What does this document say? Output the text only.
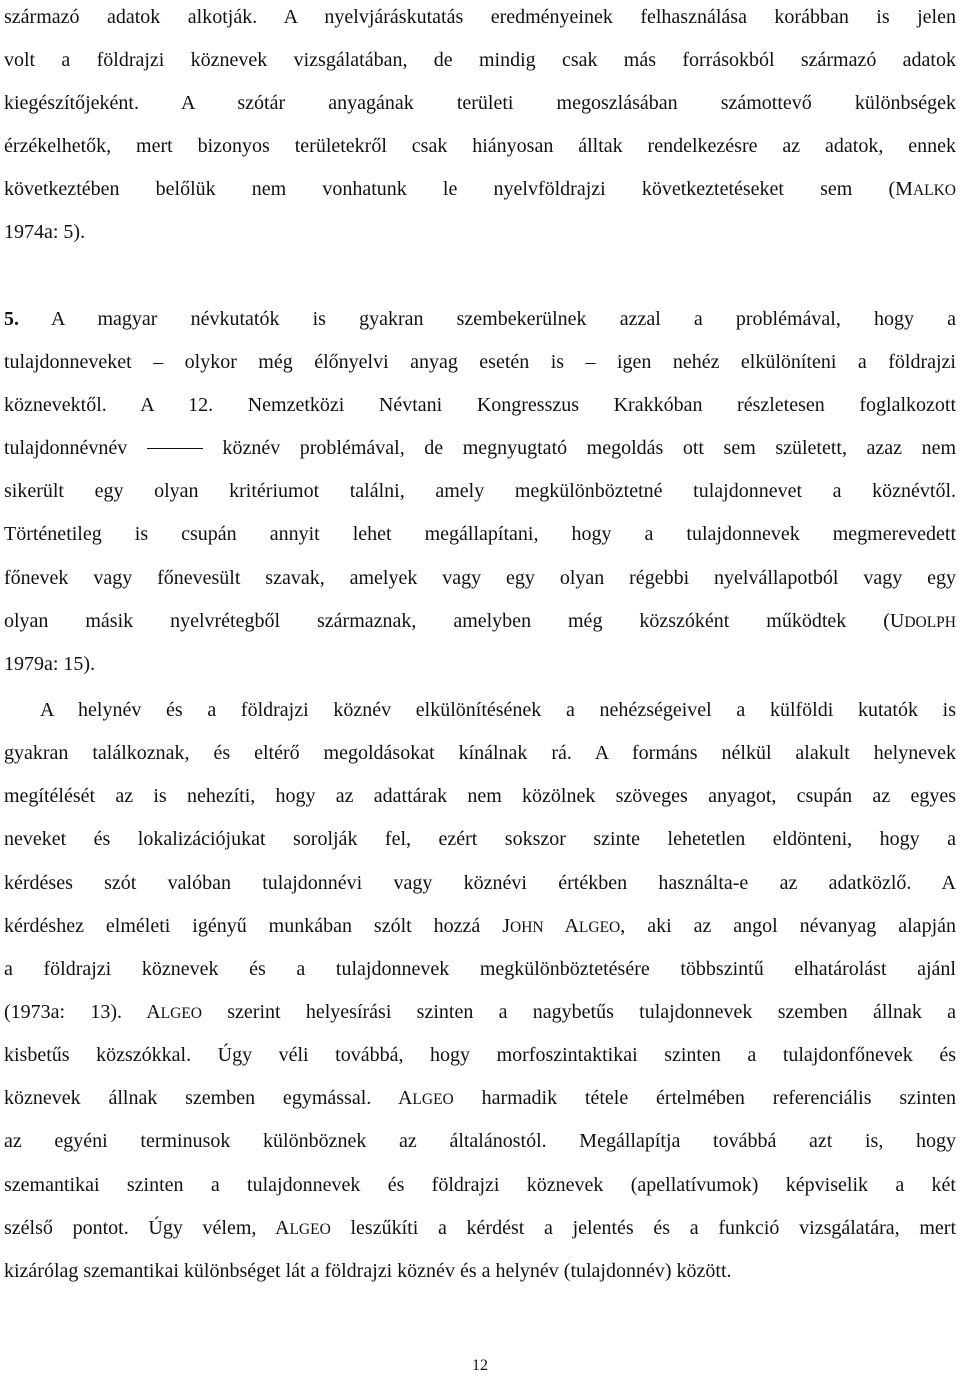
származó adatok alkotják. A nyelvjáráskutatás eredményeinek felhasználása korábban is jelen
volt a földrajzi köznevek vizsgálatában, de mindig csak más forrásokból származó adatok
kiegészítőjeként. A szótár anyagának területi megoszlásában számottevő különbségek
érzékelhetők, mert bizonyos területekről csak hiányosan álltak rendelkezésre az adatok, ennek
következtében belőlük nem vonhatunk le nyelvföldrajzi következtetéseket sem (MALKO
1974a: 5).
5. A magyar névkutatók is gyakran szembekerülnek azzal a problémával, hogy a
tulajdonneveket – olykor még élőnyelvi anyag esetén is – igen nehéz elkülöníteni a földrajzi
köznevektől. A 12. Nemzetközi Névtani Kongresszus Krakkóban részletesen foglalkozott
tulajdonnévnév	köznév problémával, de megnyugtató megoldás ott sem született, azaz nem
sikerült egy olyan kritériumot találni, amely megkülönböztetné tulajdonnevet a köznévtől.
Történetileg is csupán annyit lehet megállapítani, hogy a tulajdonnevek megmerevedett
főnevek vagy főnevesült szavak, amelyek vagy egy olyan régebbi nyelvállapotból vagy egy
olyan másik nyelvrétegből származnak, amelyben még közszóként működtek (UDOLPH
1979a: 15).
A helynév és a földrajzi köznév elkülönítésének a nehézségeivel a külföldi kutatók is
gyakran találkoznak, és eltérő megoldásokat kínálnak rá. A formáns nélkül alakult helynevek
megítélését az is nehezíti, hogy az adattárak nem közölnek szöveges anyagot, csupán az egyes
neveket és lokalizációjukat sorolják fel, ezért sokszor szinte lehetetlen eldönteni, hogy a
kérdéses szót valóban tulajdonnévi vagy köznévi értékben használta-e az adatközlő. A
kérdéshez elméleti igényű munkában szólt hozzá JOHN ALGEO, aki az angol névanyag alapján
a földrajzi köznevek és a tulajdonnevek megkülönböztetésére többszintű elhatárolást ajánl
(1973a: 13). ALGEO szerint helyesírási szinten a nagybetűs tulajdonnevek szemben állnak a
kisbetűs közszókkal. Úgy véli továbbá, hogy morfoszintaktikai szinten a tulajdonfőnevek és
köznevek állnak szemben egymással. ALGEO harmadik tétele értelmében referenciális szinten
az egyéni terminusok különböznek az általánostól. Megállapítja továbbá azt is, hogy
szemantikai szinten a tulajdonnevek és földrajzi köznevek (apellatívumok) képviselik a két
szélső pontot. Úgy vélem, ALGEO leszűkíti a kérdést a jelentés és a funkció vizsgálatára, mert
kizárólag szemantikai különbséget lát a földrajzi köznév és a helynév (tulajdonnév) között.
12
